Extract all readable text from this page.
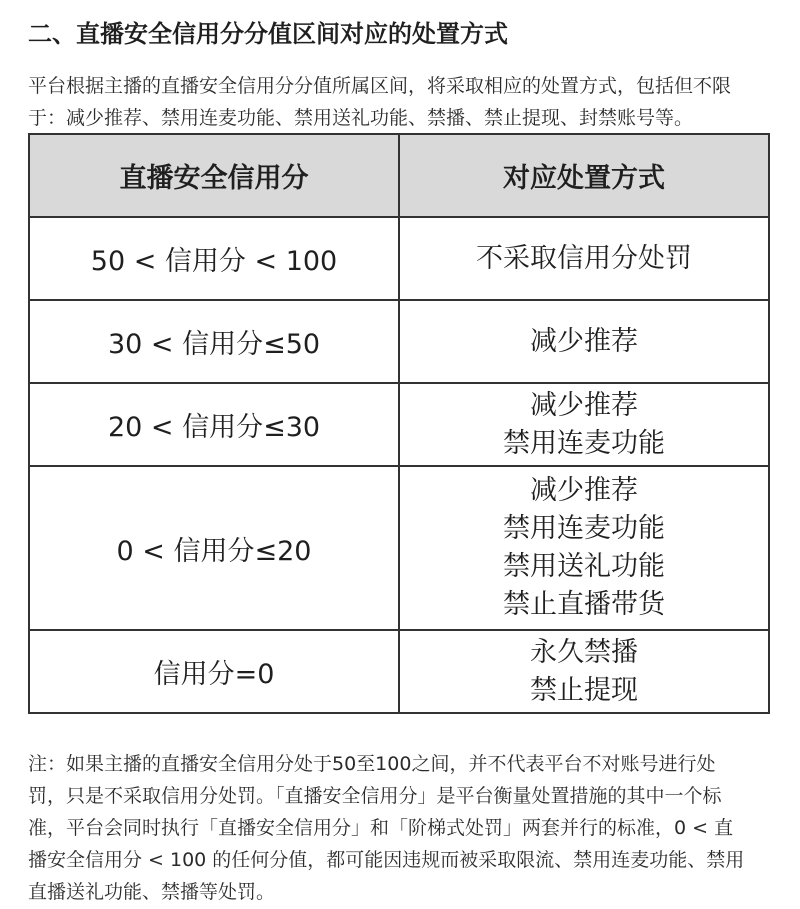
二、直播安全信用分分值区间对应的处置方式
平台根据主播的直播安全信用分分值所属区间，将采取相应的处置方式，包括但不限
于：减少推荐、禁用连麦功能、禁用送礼功能、禁播、禁止提现、封禁账号等。
直播安全信用分	对应处置方式
50 < 信用分 < 100	不采取信用分处罚

30 < 信用分≤50	减少推荐

20 < 信用分≤30	减少推荐
禁用连麦功能

0 < 信用分≤20	减少推荐
禁用连麦功能
禁用送礼功能
禁止直播带货

信用分=0	永久禁播
禁止提现
注：如果主播的直播安全信用分处于50至100之间，并不代表平台不对账号进行处
罚，只是不采取信用分处罚。「直播安全信用分」是平台衡量处置措施的其中一个标
准，平台会同时执行「直播安全信用分」和「阶梯式处罚」两套并行的标准，0 < 直
播安全信用分 < 100 的任何分值，都可能因违规而被采取限流、禁用连麦功能、禁用
直播送礼功能、禁播等处罚。
